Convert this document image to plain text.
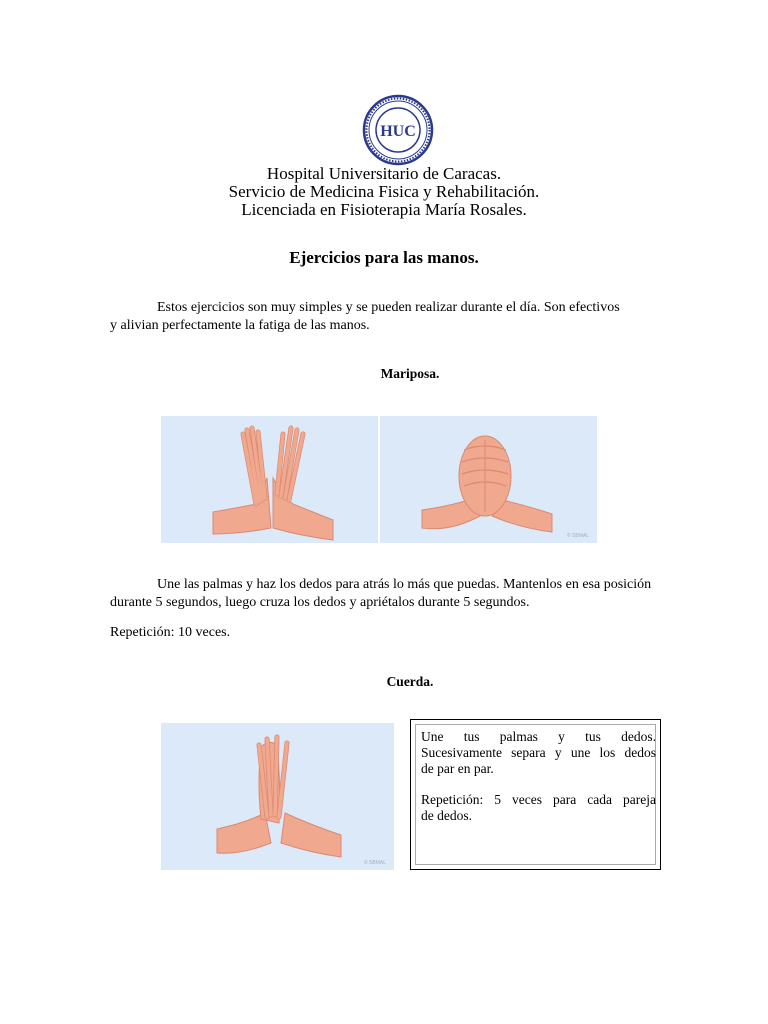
HUC
Hospital Universitario de Caracas.
Servicio de Medicina Fisica y Rehabilitación.
Licenciada en Fisioterapia María Rosales.
Ejercicios para las manos.
Estos ejercicios son muy simples y se pueden realizar durante el día. Son efectivos
y alivian perfectamente la fatiga de las manos.
Mariposa.
© SBMAL
Une las palmas y haz los dedos para atrás lo más que puedas. Mantenlos en esa posición
durante 5 segundos, luego cruza los dedos y apriétalos durante 5 segundos.
Repetición: 10 veces.
Cuerda.
© SBMAL
Une tus palmas y tus dedos.
Sucesivamente separa y une los dedos
de par en par.
Repetición: 5 veces para cada pareja
de dedos.
